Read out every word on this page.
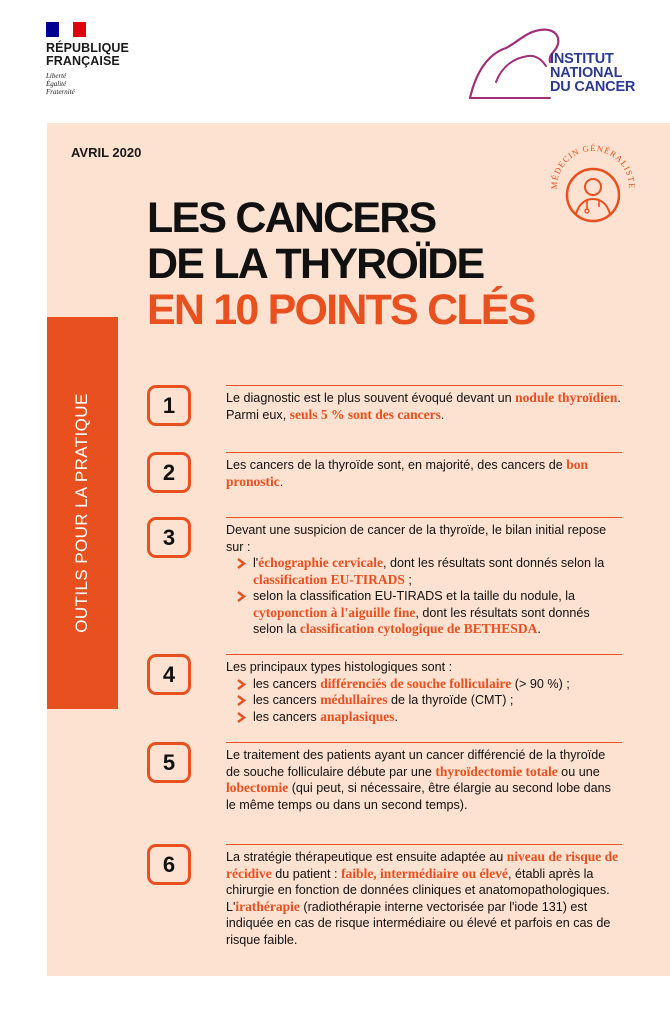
RÉPUBLIQUE
FRANÇAISE
Liberté
Égalité
Fraternité
INSTITUT
NATIONAL
DU CANCER
AVRIL 2020
MÉDECIN GÉNÉRALISTE
LES CANCERS
DE LA THYROÏDE
EN 10 POINTS CLÉS
OUTILS POUR LA PRATIQUE	1	Le diagnostic est le plus souvent évoqué devant un nodule thyroïdien. Parmi eux, seuls 5 % sont des cancers.
2	Les cancers de la thyroïde sont, en majorité, des cancers de bon pronostic.
3	Devant une suspicion de cancer de la thyroïde, le bilan initial repose sur :
l'échographie cervicale, dont les résultats sont donnés selon la classification EU-TIRADS ;
selon la classification EU-TIRADS et la taille du nodule, la cytoponction à l'aiguille fine, dont les résultats sont donnés selon la classification cytologique de BETHESDA.
4	Les principaux types histologiques sont :
les cancers différenciés de souche folliculaire (> 90 %) ;
les cancers médullaires de la thyroïde (CMT) ;
les cancers anaplasiques.
5	Le traitement des patients ayant un cancer différencié de la thyroïde de souche folliculaire débute par une thyroïdectomie totale ou une lobectomie (qui peut, si nécessaire, être élargie au second lobe dans le même temps ou dans un second temps).
6	La stratégie thérapeutique est ensuite adaptée au niveau de risque de récidive du patient : faible, intermédiaire ou élevé, établi après la chirurgie en fonction de données cliniques et anatomopathologiques. L'irathérapie (radiothérapie interne vectorisée par l'iode 131) est indiquée en cas de risque intermédiaire ou élevé et parfois en cas de risque faible.
